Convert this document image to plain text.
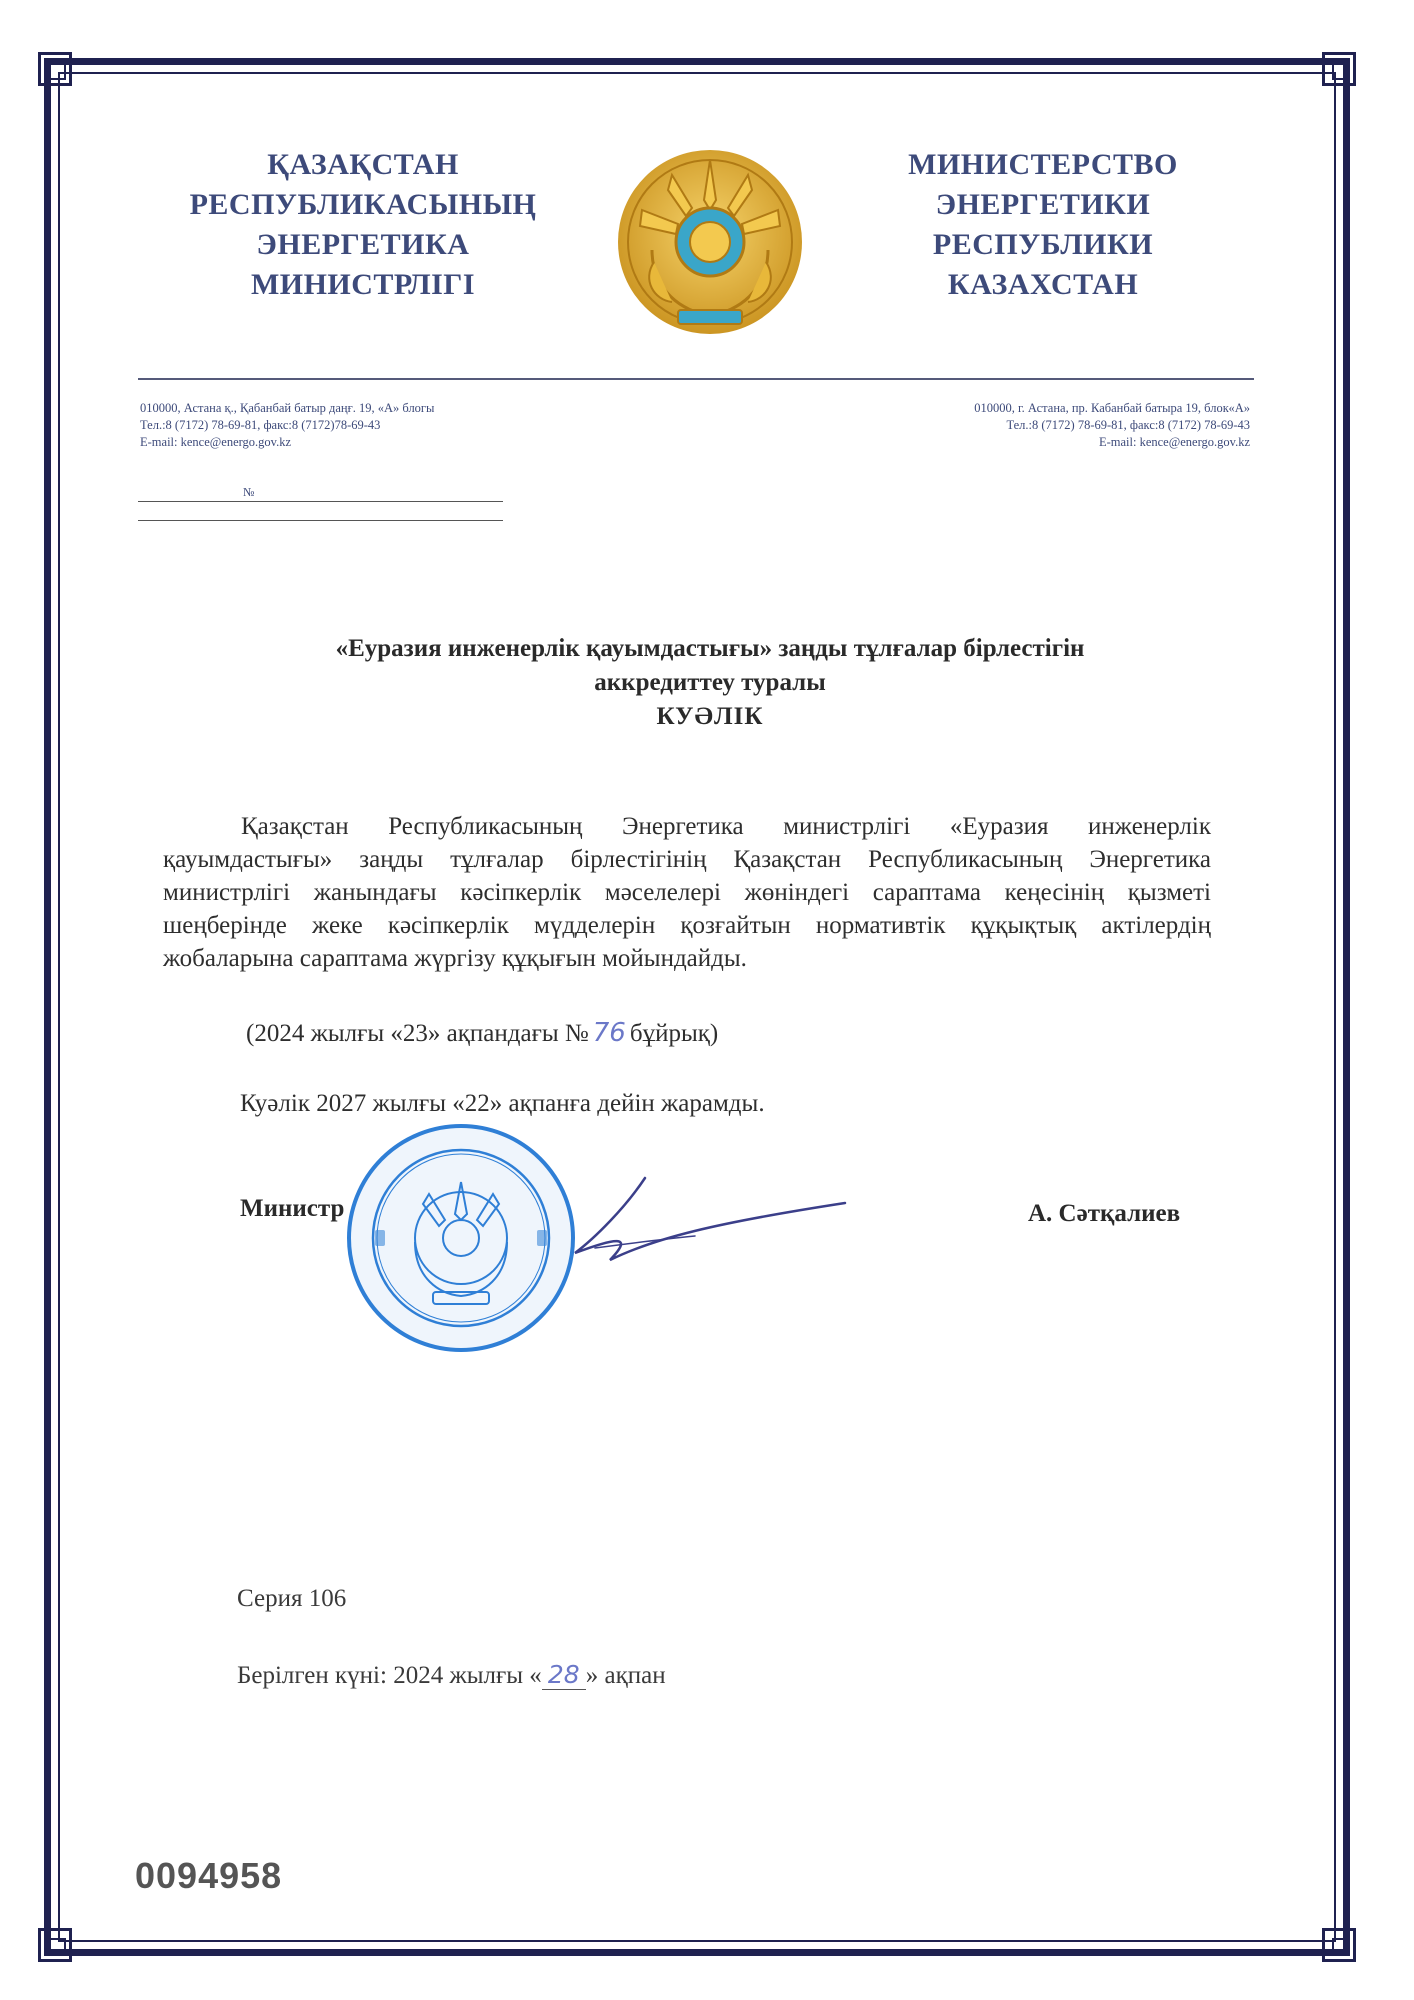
ҚАЗАҚСТАН
РЕСПУБЛИКАСЫНЫҢ
ЭНЕРГЕТИКА
МИНИСТРЛІГІ
МИНИСТЕРСТВО
ЭНЕРГЕТИКИ
РЕСПУБЛИКИ
КАЗАХСТАН
010000, Астана қ., Қабанбай батыр даңғ. 19, «А» блогы
Тел.:8 (7172) 78-69-81, факс:8 (7172)78-69-43
E-mail: kence@energo.gov.kz
010000, г. Астана, пр. Кабанбай батыра 19, блок«А»
Тел.:8 (7172) 78-69-81, факс:8 (7172) 78-69-43
E-mail: kence@energo.gov.kz
№
«Еуразия инженерлік қауымдастығы» заңды тұлғалар бірлестігін
аккредиттеу туралы
КУӘЛІК

Қазақстан Республикасының Энергетика министрлігі «Еуразия инженерлік қауымдастығы» заңды тұлғалар бірлестігінің Қазақстан Республикасының Энергетика министрлігі жанындағы кәсіпкерлік мәселелері жөніндегі сараптама кеңесінің қызметі шеңберінде жеке кәсіпкерлік мүдделерін қозғайтын нормативтік құқықтық актілердің жобаларына сараптама жүргізу құқығын мойындайды.

(2024 жылғы «23» ақпандағы № 76 бұйрық)
Куәлік 2027 жылғы «22» ақпанға дейін жарамды.
Министр	А. Сәтқалиев
Серия 106
Берілген күні: 2024 жылғы « 28 » ақпан
0094958
